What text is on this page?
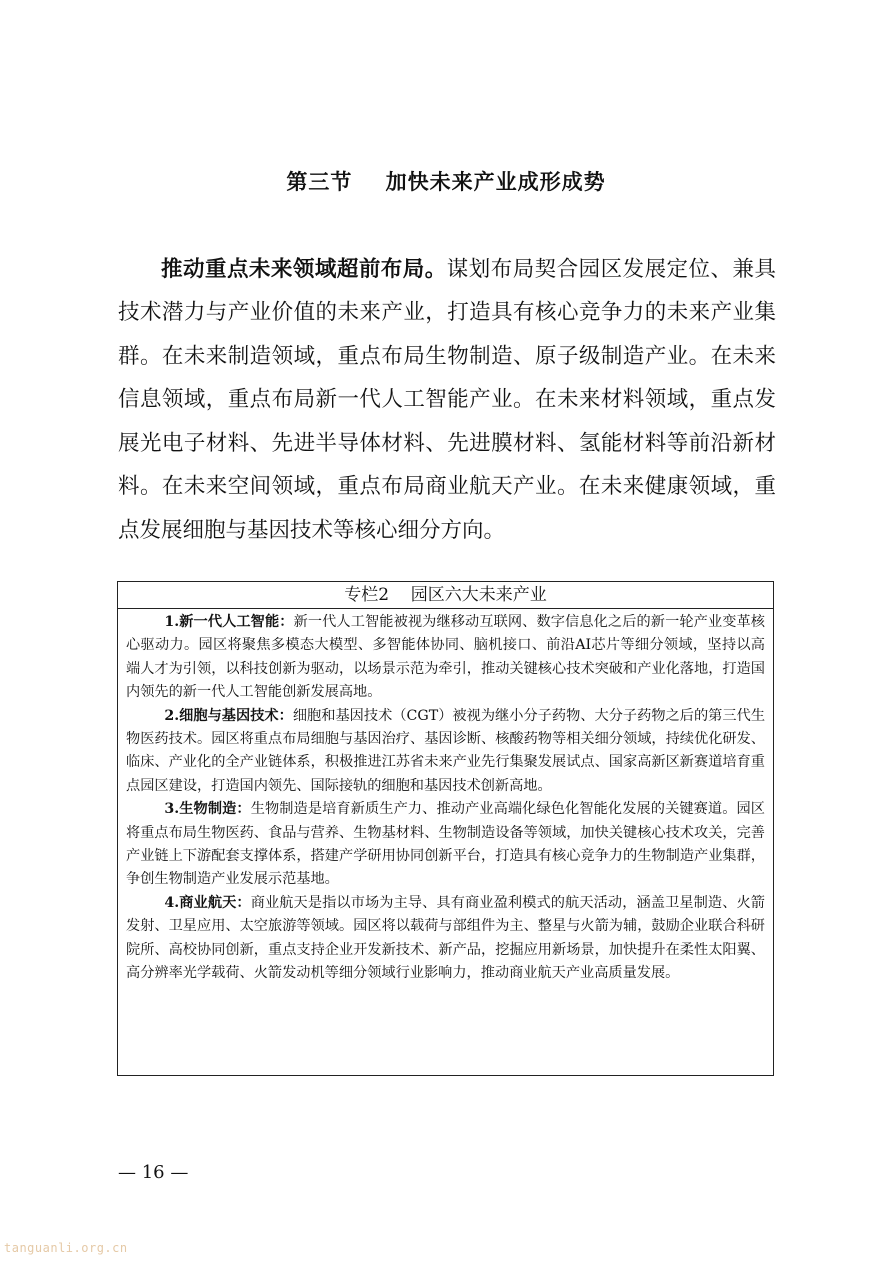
第三节    加快未来产业成形成势

推动重点未来领域超前布局。谋划布局契合园区发展定位、兼具技术潜力与产业价值的未来产业，打造具有核心竞争力的未来产业集群。在未来制造领域，重点布局生物制造、原子级制造产业。在未来信息领域，重点布局新一代人工智能产业。在未来材料领域，重点发展光电子材料、先进半导体材料、先进膜材料、氢能材料等前沿新材料。在未来空间领域，重点布局商业航天产业。在未来健康领域，重点发展细胞与基因技术等核心细分方向。

专栏2    园区六大未来产业

1.新一代人工智能：新一代人工智能被视为继移动互联网、数字信息化之后的新一轮产业变革核心驱动力。园区将聚焦多模态大模型、多智能体协同、脑机接口、前沿AI芯片等细分领域，坚持以高端人才为引领，以科技创新为驱动，以场景示范为牵引，推动关键核心技术突破和产业化落地，打造国内领先的新一代人工智能创新发展高地。

2.细胞与基因技术：细胞和基因技术（CGT）被视为继小分子药物、大分子药物之后的第三代生物医药技术。园区将重点布局细胞与基因治疗、基因诊断、核酸药物等相关细分领域，持续优化研发、临床、产业化的全产业链体系，积极推进江苏省未来产业先行集聚发展试点、国家高新区新赛道培育重点园区建设，打造国内领先、国际接轨的细胞和基因技术创新高地。

3.生物制造：生物制造是培育新质生产力、推动产业高端化绿色化智能化发展的关键赛道。园区将重点布局生物医药、食品与营养、生物基材料、生物制造设备等领域，加快关键核心技术攻关，完善产业链上下游配套支撑体系，搭建产学研用协同创新平台，打造具有核心竞争力的生物制造产业集群，争创生物制造产业发展示范基地。

4.商业航天：商业航天是指以市场为主导、具有商业盈利模式的航天活动，涵盖卫星制造、火箭发射、卫星应用、太空旅游等领域。园区将以载荷与部组件为主、整星与火箭为辅，鼓励企业联合科研院所、高校协同创新，重点支持企业开发新技术、新产品，挖掘应用新场景，加快提升在柔性太阳翼、高分辨率光学载荷、火箭发动机等细分领域行业影响力，推动商业航天产业高质量发展。

— 16 —
tanguanli.org.cn
